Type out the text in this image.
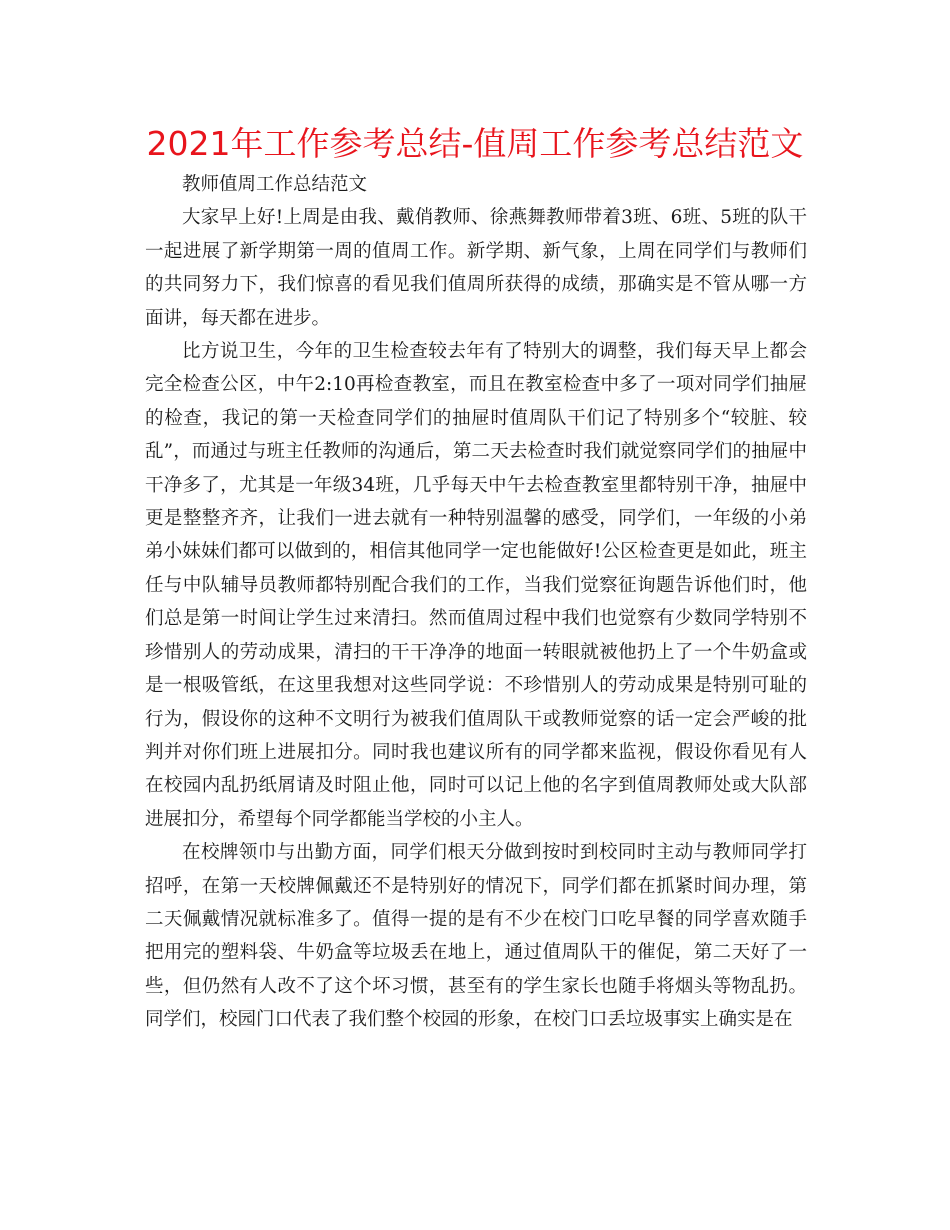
2021年工作参考总结-值周工作参考总结范文
教师值周工作总结范文

大家早上好!上周是由我、戴俏教师、徐燕舞教师带着3班、6班、5班的队干一起进展了新学期第一周的值周工作。新学期、新气象，上周在同学们与教师们的共同努力下，我们惊喜的看见我们值周所获得的成绩，那确实是不管从哪一方面讲，每天都在进步。

比方说卫生，今年的卫生检查较去年有了特别大的调整，我们每天早上都会完全检查公区，中午2:10再检查教室，而且在教室检查中多了一项对同学们抽屉的检查，我记的第一天检查同学们的抽屉时值周队干们记了特别多个“较脏、较乱”，而通过与班主任教师的沟通后，第二天去检查时我们就觉察同学们的抽屉中干净多了，尤其是一年级34班，几乎每天中午去检查教室里都特别干净，抽屉中更是整整齐齐，让我们一进去就有一种特别温馨的感受，同学们，一年级的小弟弟小妹妹们都可以做到的，相信其他同学一定也能做好!公区检查更是如此，班主任与中队辅导员教师都特别配合我们的工作，当我们觉察征询题告诉他们时，他们总是第一时间让学生过来清扫。然而值周过程中我们也觉察有少数同学特别不珍惜别人的劳动成果，清扫的干干净净的地面一转眼就被他扔上了一个牛奶盒或是一根吸管纸，在这里我想对这些同学说：不珍惜别人的劳动成果是特别可耻的行为，假设你的这种不文明行为被我们值周队干或教师觉察的话一定会严峻的批判并对你们班上进展扣分。同时我也建议所有的同学都来监视，假设你看见有人在校园内乱扔纸屑请及时阻止他，同时可以记上他的名字到值周教师处或大队部进展扣分，希望每个同学都能当学校的小主人。

在校牌领巾与出勤方面，同学们根天分做到按时到校同时主动与教师同学打招呼，在第一天校牌佩戴还不是特别好的情况下，同学们都在抓紧时间办理，第二天佩戴情况就标准多了。值得一提的是有不少在校门口吃早餐的同学喜欢随手把用完的塑料袋、牛奶盒等垃圾丢在地上，通过值周队干的催促，第二天好了一些，但仍然有人改不了这个坏习惯，甚至有的学生家长也随手将烟头等物乱扔。同学们，校园门口代表了我们整个校园的形象，在校门口丢垃圾事实上确实是在
